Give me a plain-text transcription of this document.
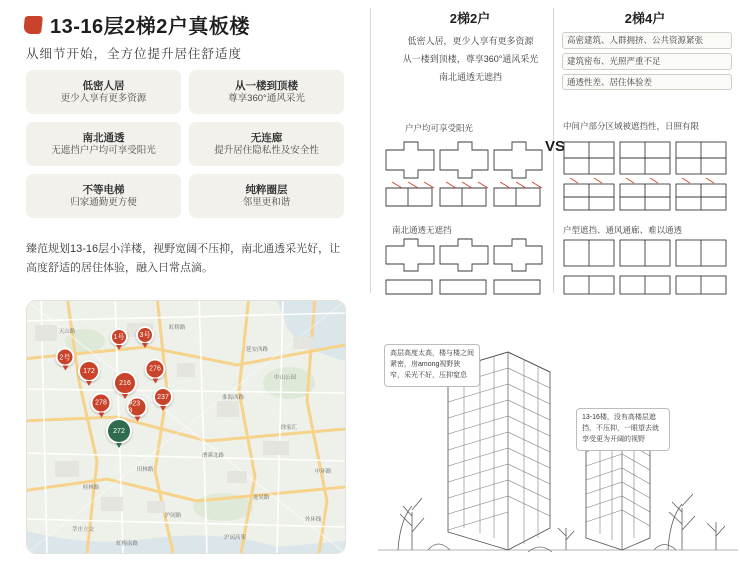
13-16层2梯2户真板楼
从细节开始，全方位提升居住舒适度
低密人居
更少人享有更多资源
从一楼到顶楼
尊享360°通风采光
南北通透
无遮挡户户均可享受阳光
无连廊
提升居住隐私性及安全性
不等电梯
归家通勤更方便
纯粹圈层
邻里更和谐
臻范规划13-16层小洋楼，视野宽阔不压抑，南北通透采光好，让高度舒适的居住体验，融入日常点滴。
天山路
虹桥路
延安西路
中山公园
淮海西路
徐家汇
漕溪北路
田林路
桂林路
龙吴路
沪闵路
莘庄立交
中环路
虹梅南路
沪闵高架
外环线
2号
1号	3号
172
216
276
278	#23 3
237
272
2梯2户	2梯4户
低密人居，更少人享有更多资源
从一楼到顶楼，尊享360°通风采光
南北通透无遮挡
高密建筑、人群拥挤、公共资源紧张
建筑密布、光照严重不足
通透性差、居住体验差
VS
户户均可享受阳光
南北通透无遮挡
中间户部分区域被遮挡性，日照有限
户型遮挡、通风通廊、难以通透
高层高度太高，楼与楼之间紧密，房among视野狭窄，采光不好，压抑窒息
13-16楼，没有高楼层遮挡，不压抑，一眼望去就享受更为开阔的视野
